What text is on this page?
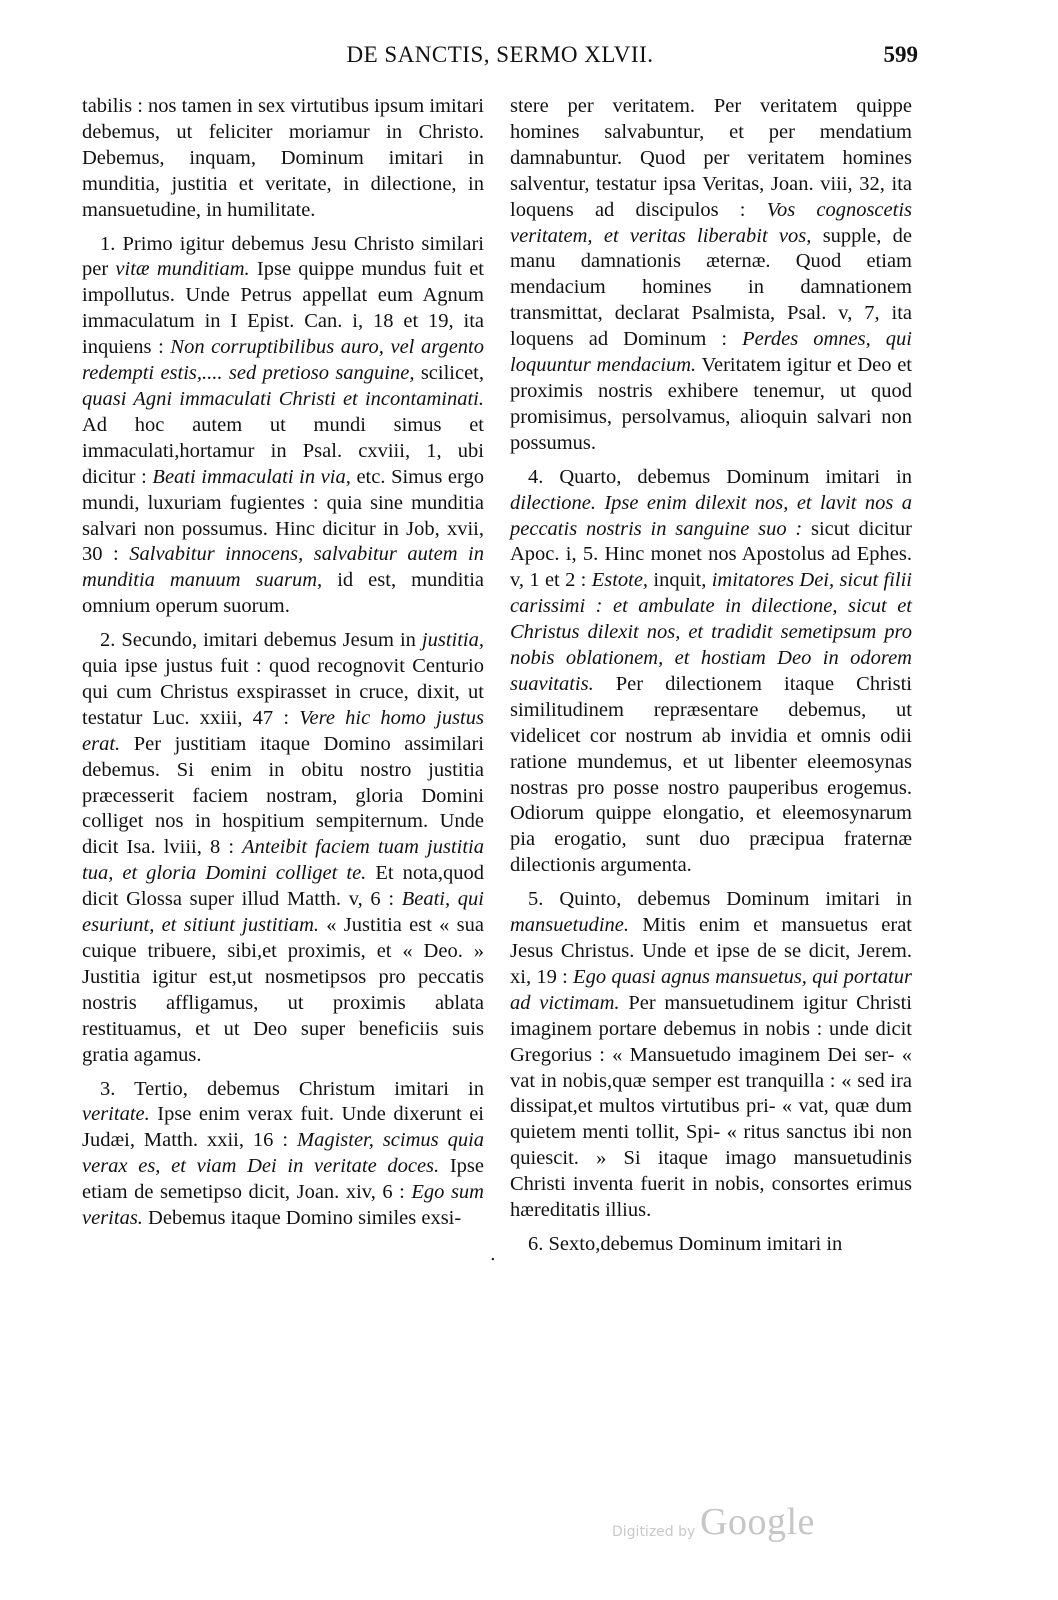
DE SANCTIS, SERMO XLVII.	599

tabilis : nos tamen in sex virtutibus ipsum imitari debemus, ut feliciter moriamur in Christo. Debemus, inquam, Dominum imitari in munditia, justitia et veritate, in dilectione, in mansuetudine, in humilitate.

1. Primo igitur debemus Jesu Christo similari per vitæ munditiam. Ipse quippe mundus fuit et impollutus. Unde Petrus appellat eum Agnum immaculatum in I Epist. Can. i, 18 et 19, ita inquiens : Non corruptibilibus auro, vel argento redempti estis,.... sed pretioso sanguine, scilicet, quasi Agni immaculati Christi et incontaminati. Ad hoc autem ut mundi simus et immaculati,hortamur in Psal. cxviii, 1, ubi dicitur : Beati immaculati in via, etc. Simus ergo mundi, luxuriam fugientes : quia sine munditia salvari non possumus. Hinc dicitur in Job, xvii, 30 : Salvabitur innocens, salvabitur autem in munditia manuum suarum, id est, munditia omnium operum suorum.

2. Secundo, imitari debemus Jesum in justitia, quia ipse justus fuit : quod recognovit Centurio qui cum Christus exspirasset in cruce, dixit, ut testatur Luc. xxiii, 47 : Vere hic homo justus erat. Per justitiam itaque Domino assimilari debemus. Si enim in obitu nostro justitia præcesserit faciem nostram, gloria Domini colliget nos in hospitium sempiternum. Unde dicit Isa. lviii, 8 : Anteibit faciem tuam justitia tua, et gloria Domini colliget te. Et nota,quod dicit Glossa super illud Matth. v, 6 : Beati, qui esuriunt, et sitiunt justitiam. « Justitia est « sua cuique tribuere, sibi,et proximis, et « Deo. » Justitia igitur est,ut nosmetipsos pro peccatis nostris affligamus, ut proximis ablata restituamus, et ut Deo super beneficiis suis gratia agamus.

3. Tertio, debemus Christum imitari in veritate. Ipse enim verax fuit. Unde dixerunt ei Judæi, Matth. xxii, 16 : Magister, scimus quia verax es, et viam Dei in veritate doces. Ipse etiam de semetipso dicit, Joan. xiv, 6 : Ego sum veritas. Debemus itaque Domino similes exsi-

stere per veritatem. Per veritatem quippe homines salvabuntur, et per mendatium damnabuntur. Quod per veritatem homines salventur, testatur ipsa Veritas, Joan. viii, 32, ita loquens ad discipulos : Vos cognoscetis veritatem, et veritas liberabit vos, supple, de manu damnationis æternæ. Quod etiam mendacium homines in damnationem transmittat, declarat Psalmista, Psal. v, 7, ita loquens ad Dominum : Perdes omnes, qui loquuntur mendacium. Veritatem igitur et Deo et proximis nostris exhibere tenemur, ut quod promisimus, persolvamus, alioquin salvari non possumus.

4. Quarto, debemus Dominum imitari in dilectione. Ipse enim dilexit nos, et lavit nos a peccatis nostris in sanguine suo : sicut dicitur Apoc. i, 5. Hinc monet nos Apostolus ad Ephes. v, 1 et 2 : Estote, inquit, imitatores Dei, sicut filii carissimi : et ambulate in dilectione, sicut et Christus dilexit nos, et tradidit semetipsum pro nobis oblationem, et hostiam Deo in odorem suavitatis. Per dilectionem itaque Christi similitudinem repræsentare debemus, ut videlicet cor nostrum ab invidia et omnis odii ratione mundemus, et ut libenter eleemosynas nostras pro posse nostro pauperibus erogemus. Odiorum quippe elongatio, et eleemosynarum pia erogatio, sunt duo præcipua fraternæ dilectionis argumenta.

5. Quinto, debemus Dominum imitari in mansuetudine. Mitis enim et mansuetus erat Jesus Christus. Unde et ipse de se dicit, Jerem. xi, 19 : Ego quasi agnus mansuetus, qui portatur ad victimam. Per mansuetudinem igitur Christi imaginem portare debemus in nobis : unde dicit Gregorius : « Mansuetudo imaginem Dei ser- « vat in nobis,quæ semper est tranquilla : « sed ira dissipat,et multos virtutibus pri- « vat, quæ dum quietem menti tollit, Spi- « ritus sanctus ibi non quiescit. » Si itaque imago mansuetudinis Christi inventa fuerit in nobis, consortes erimus hæreditatis illius.

6. Sexto,debemus Dominum imitari in

.
Digitized by Google
